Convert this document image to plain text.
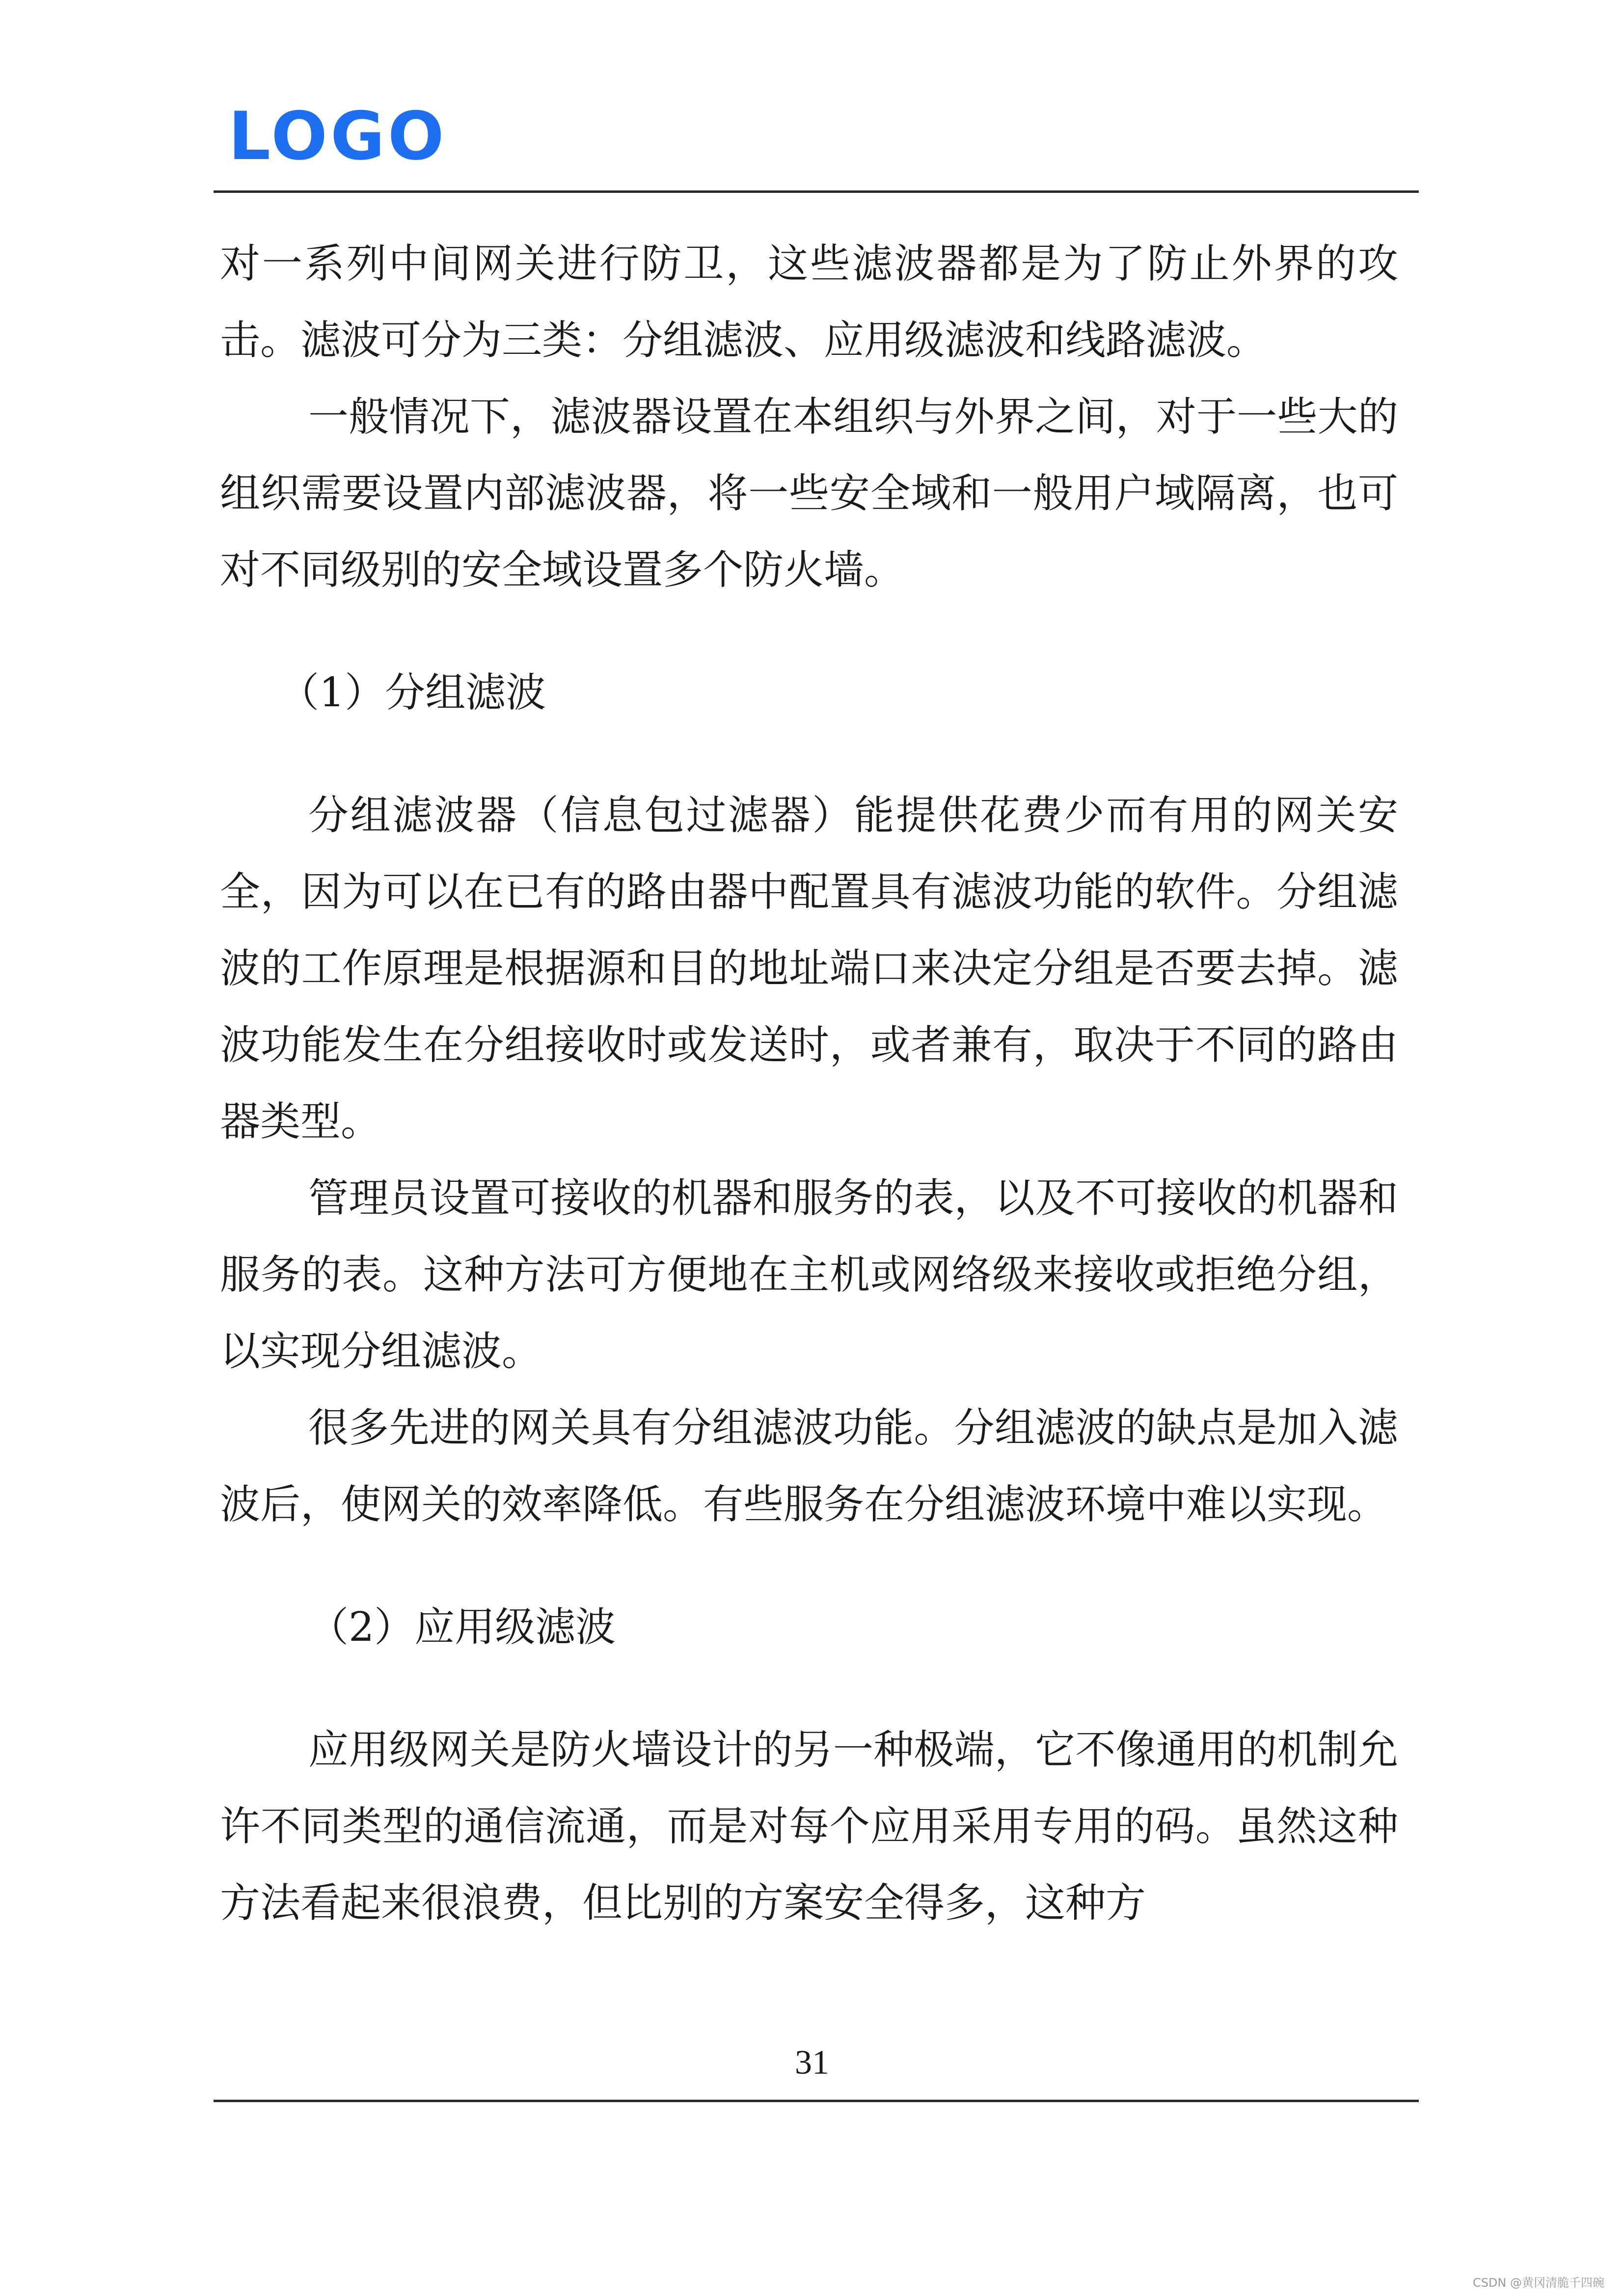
LOGO

对一系列中间网关进行防卫，这些滤波器都是为了防止外界的攻击。滤波可分为三类：分组滤波、应用级滤波和线路滤波。

一般情况下，滤波器设置在本组织与外界之间，对于一些大的组织需要设置内部滤波器，将一些安全域和一般用户域隔离，也可对不同级别的安全域设置多个防火墙。

（1）分组滤波

分组滤波器（信息包过滤器）能提供花费少而有用的网关安全，因为可以在已有的路由器中配置具有滤波功能的软件。分组滤波的工作原理是根据源和目的地址端口来决定分组是否要去掉。滤波功能发生在分组接收时或发送时，或者兼有，取决于不同的路由器类型。

管理员设置可接收的机器和服务的表，以及不可接收的机器和服务的表。这种方法可方便地在主机或网络级来接收或拒绝分组，以实现分组滤波。

很多先进的网关具有分组滤波功能。分组滤波的缺点是加入滤波后，使网关的效率降低。有些服务在分组滤波环境中难以实现。

（2）应用级滤波

应用级网关是防火墙设计的另一种极端，它不像通用的机制允许不同类型的通信流通，而是对每个应用采用专用的码。虽然这种方法看起来很浪费，但比别的方案安全得多，这种方

31
CSDN @黄冈清脆千四碗
